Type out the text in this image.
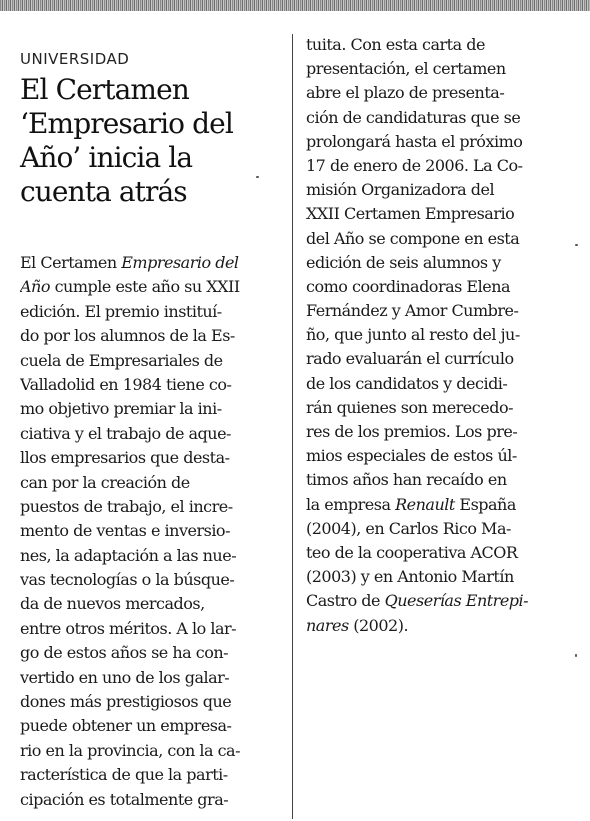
UNIVERSIDAD
El Certamen
‘Empresario del
Año’ inicia la
cuenta atrás
El Certamen Empresario del
Año cumple este año su XXII
edición. El premio instituí-
do por los alumnos de la Es-
cuela de Empresariales de
Valladolid en 1984 tiene co-
mo objetivo premiar la ini-
ciativa y el trabajo de aque-
llos empresarios que desta-
can por la creación de
puestos de trabajo, el incre-
mento de ventas e inversio-
nes, la adaptación a las nue-
vas tecnologías o la búsque-
da de nuevos mercados,
entre otros méritos. A lo lar-
go de estos años se ha con-
vertido en uno de los galar-
dones más prestigiosos que
puede obtener un empresa-
rio en la provincia, con la ca-
racterística de que la parti-
cipación es totalmente gra-
tuita. Con esta carta de
presentación, el certamen
abre el plazo de presenta-
ción de candidaturas que se
prolongará hasta el próximo
17 de enero de 2006. La Co-
misión Organizadora del
XXII Certamen Empresario
del Año se compone en esta
edición de seis alumnos y
como coordinadoras Elena
Fernández y Amor Cumbre-
ño, que junto al resto del ju-
rado evaluarán el currículo
de los candidatos y decidi-
rán quienes son merecedo-
res de los premios. Los pre-
mios especiales de estos úl-
timos años han recaído en
la empresa Renault España
(2004), en Carlos Rico Ma-
teo de la cooperativa ACOR
(2003) y en Antonio Martín
Castro de Queserías Entrepi-
nares (2002).
